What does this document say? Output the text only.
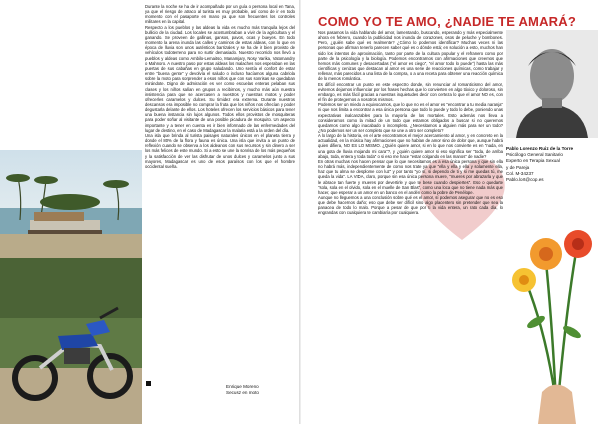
Durante la noche se ha de ir acompañado por un guía o persona local en Tana, ya que el riesgo de atraco al turista es muy probable, así como de ir en todo momento con el pasaporte en mano ya que son frecuentes los controles militares en la capital.

Respecto a los pueblos y las aldeas la vida es mucho más tranquila lejos del bullicio de la ciudad. Los locales se acostumbraban a vivir de la agricultura y el ganando. Se proveen de gallinas, gansos, pavos, ocas y bueyes. En todo momento la arena inunda las calles y caminos de estas aldeas, con lo que en época de lluvia son unos auténticos barrizales y se ha de ir bien provisto de vehículos todoterreno para no surtir demasiado. Nuestro recorrido nos llevó a pueblos y aldeas como Ambilo-Lemaitso, Manamjary, Nosy Varika, Vatomandry o Mahnoro. A nuestro paso por estas aldeas los malaches nos esperaban en las puertas de sus cabañas en grupo saludando. Uno sentía el confort de estar entre "buena gente" y devolvía el saludo o incluso hacíamos alguna cabriola sobre la moto para sorprender a esos niños que con sus sonrisas se quedaban mirándote. Digno de admiración es ver como escuelas enteras pelaban sus clases y los niños salían en grupos a recibirnos, y mucho más aún nuestra insistencia para que se acercasen a nuestros y nuestras motos y poder ofrecerles caramelos y dulces. Su timidez era extrema. Durante nuestros descansos era imposible no comprar la fruta que los niños nos ofrecían y poder degustarla delante de ellos. Los hoteles ofrecen los servicios básicos para tener una buena instancia sin lujos algunos. Todos ellos provistos de mosquiteras para poder soñar al visitante de una posible picadura de mosquito. Un aspecto importante y a tener en cuenta es ir bien informado de las enfermedades del lugar de destino, en el caso de Madagascar la malaria está a la orden del día.

Una isla que brinda al turista paisajes naturales únicos en el planeta tierra y donde el 80% de la flora y fauna es única. Una isla que invita a un punto de reflexión cuando se observa a los aldeanos con sus recursos y sin dinero a ser los más felices de este mundo. Si a esto se une la sonrisa de los más pequeños y la satisfacción de ver las disfrutar de unos dulces y caramelos junto a sus mayores, Madagascar es uno de esos paraísos con los que el hombre occidental sueña.

Enrique Moreno
Secusz en moto
COMO YO TE AMO, ¿NADIE TE AMARÁ?

Nos pasamos la vida hablando del amor, lamentando, buscando, esperando y más especialmente ahora en febrero, cuando la publicidad nos inunda de corazones, osos de peluche y bombones. Pero, ¿quién sabe qué es realmente? ¿Cómo lo podemos identificar? Muchas veces ni las personas que afirman tenerlo parecen saber qué es o dónde está; en solución a esto, muchos han sido los intentos de aproximación, tanto por parte de la cultura popular y el refranero como por parte de la psicología y la biología. Podemos encontrarnos con afirmaciones que creemos que hemos más comunes y desacertadas ("el amor es ciego", "el amor todo lo puede") hasta las más científicas y cenizas que destacan al amor es una serie de reacciones químicas, como trabajar y rellenar, más parecidos a una lista de la compra, o a una receta para obtener una reacción química de lo menos romántica.

Es difícil encontrar un punto en este espectro donde, sin renunciar al romanticismo del amor, evitemos dejarnos influenciar por los frases hechas que lo convierten en algo tóxico y doloroso, sin embargo, es más fácil gracias a nuestras inquietudes decir con certeza lo que el amor NO es, con el fin de protegernos a nosotros mismos.

Podemos ser un miedo a equivocarnos, que lo que no es el amor es "encontrar a tu media naranja" ni que nos limita a encontrar a esa única persona que todo lo puede y todo lo debe, poniendo unas expectativas inalcanzables para la mayoría de los mortales. Esto además nos lleva a considerarnos como la mitad de un todo que estamos obligados a buscar si no queremos quedarnos como algo inacabado o incompleto. ¿Necesitamos a alguien más para ser un todo? ¿No podemos ser un ser completo que se une a otro ser completo?

A lo largo de la historia, en el arte encontramos el mejor acercamiento al amor, y en concreto en la actualidad, en la música hay afirmaciones que no hablan de amor sino de dolor que, aunque habrá quien difiera, NO ES LO MISMO. ¿Quién quiere amor, si en lo que nos convierte es en "nada, en una gota de lluvia mojando mi cara"?, y ¿quién quiere amor si eso significa ser "toda, de arriba abajo, toda, entera y toda toda" o si eso me hace "estar colgando en las manos" de nadie?

En otras muchas nos hacen pensar que lo que necesitamos es a esa única persona y que sin ella no habrá más, independientemente de como nos trate ya que "ella y ella y ella y solamente ella, haz que tu alma se desplome con luz" y por tanto "yo sí, si dependo de ti y si me quedas tú, me queda la vida". LA VIDA, claro, porque sin esa única persona muere, "mueres por abrazarla y que le abrace tan fuerte y mueres por devertirle y que te bese cuando despiertes". Eso o quedarte "sola, sola en el olvido, sola en el muelle de San Blas", como una loca que no tiene nada más que hacer, que esperar a un amor en un banco en el andén como la pobre de Penélope.

Aunque no lleguemos a una conclusión sobre qué es el amor, sí podemos asegurar que no es eso que debe hacernos daño; eso que debe ser difícil sino algo placentero sin pretender que sea la panacea de todo lo malo. Porque a pesar de que por ti la vida entera, un rato cada día, lo engrandas con cualquiera te cambiaría por cualquiera.

Pablo Lorenzo Ruiz de la Torre
Psicólogo General Sanitario
Experto en Terapia Sexual
y de Pareja
Col. M-34237
Pablo.lort@cop.es
